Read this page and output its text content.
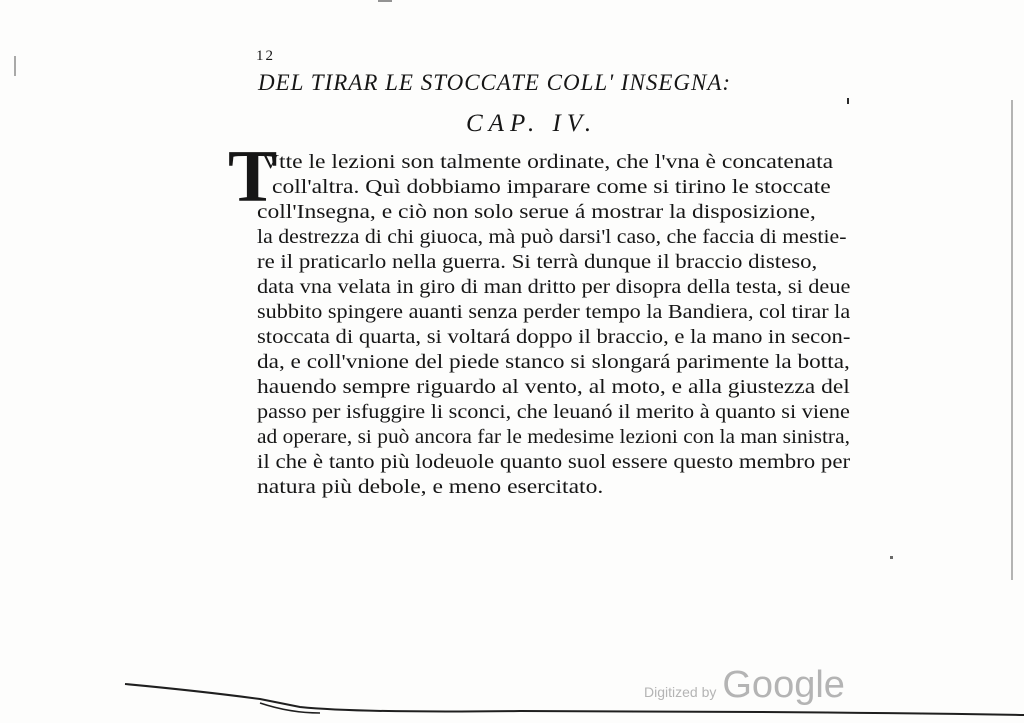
12
DEL TIRAR LE STOCCATE COLL' INSEGNA:
CAP. IV.
T
Vtte le lezioni son talmente ordinate, che l'vna è concatenata
coll'altra. Quì dobbiamo imparare come si tirino le stoccate
coll'Insegna, e ciò non solo serue á mostrar la disposizione,
la destrezza di chi giuoca, mà può darsi'l caso, che faccia di mestie-
re il praticarlo nella guerra. Si terrà dunque il braccio disteso,
data vna velata in giro di man dritto per disopra della testa, si deue
subbito spingere auanti senza perder tempo la Bandiera, col tirar la
stoccata di quarta, si voltará doppo il braccio, e la mano in secon-
da, e coll'vnione del piede stanco si slongará parimente la botta,
hauendo sempre riguardo al vento, al moto, e alla giustezza del
passo per isfuggire li sconci, che leuanó il merito à quanto si viene
ad operare, si può ancora far le medesime lezioni con la man sinistra,
il che è tanto più lodeuole quanto suol essere questo membro per
natura più debole, e meno esercitato.
Digitized by Google
